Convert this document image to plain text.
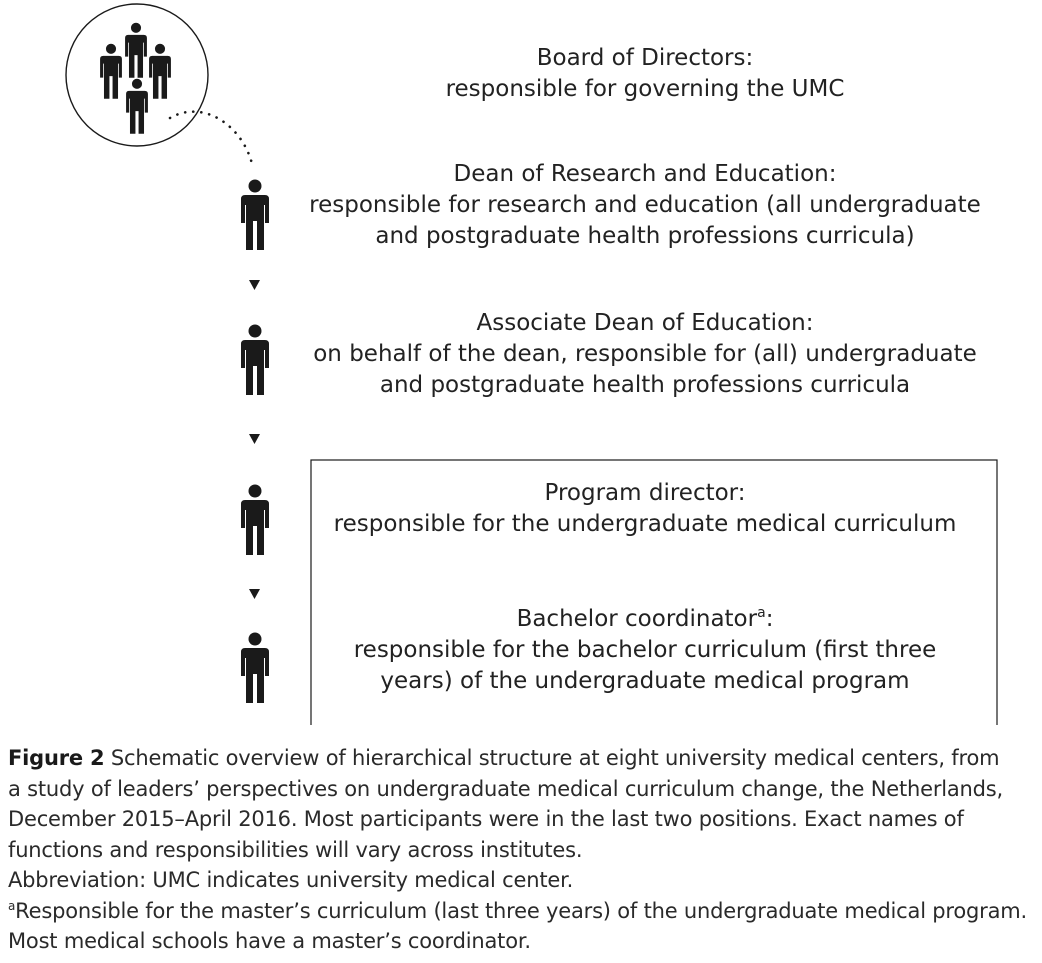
Board of Directors:
responsible for governing the UMC
Dean of Research and Education:
responsible for research and education (all undergraduate
and postgraduate health professions curricula)
Associate Dean of Education:
on behalf of the dean, responsible for (all) undergraduate
and postgraduate health professions curricula
Program director:
responsible for the undergraduate medical curriculum
Bachelor coordinator$^a$:
responsible for the bachelor curriculum (first three
years) of the undergraduate medical program
Figure 2 Schematic overview of hierarchical structure at eight university medical centers, from
a study of leaders’ perspectives on undergraduate medical curriculum change, the Netherlands,
December 2015–April 2016. Most participants were in the last two positions. Exact names of
functions and responsibilities will vary across institutes.
Abbreviation: UMC indicates university medical center.
$^a$Responsible for the master’s curriculum (last three years) of the undergraduate medical program.
Most medical schools have a master’s coordinator.
